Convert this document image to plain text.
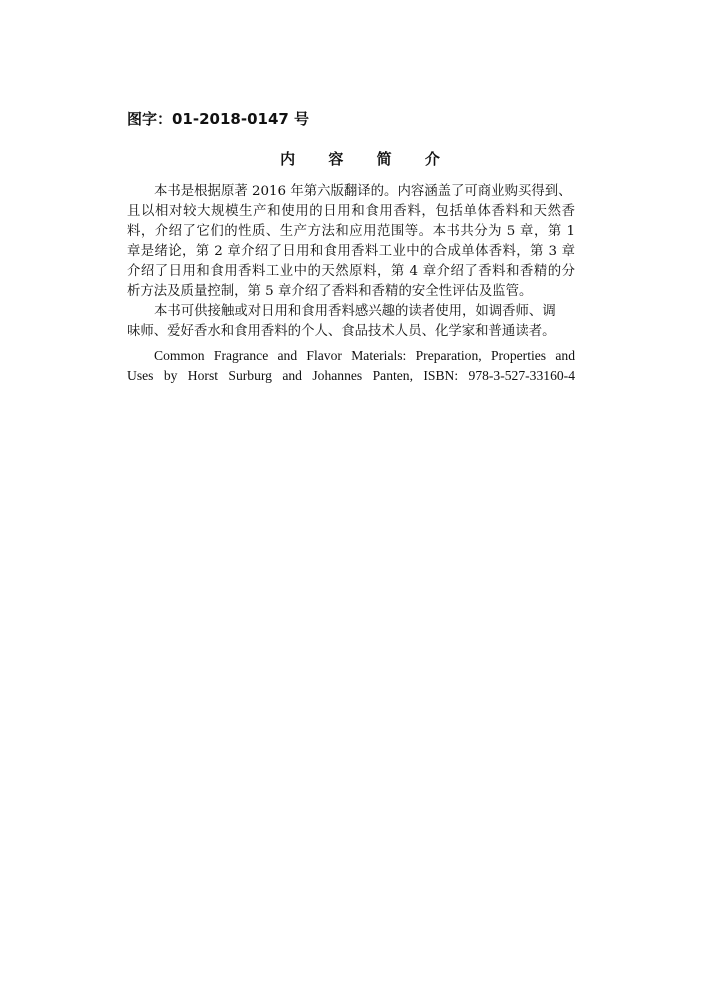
图字：01-2018-0147 号
内 容 简 介
本书是根据原著 2016 年第六版翻译的。内容涵盖了可商业购买得到、
且以相对较大规模生产和使用的日用和食用香料，包括单体香料和天然香
料，介绍了它们的性质、生产方法和应用范围等。本书共分为 5 章，第 1
章是绪论，第 2 章介绍了日用和食用香料工业中的合成单体香料，第 3 章
介绍了日用和食用香料工业中的天然原料，第 4 章介绍了香料和香精的分
析方法及质量控制，第 5 章介绍了香料和香精的安全性评估及监管。
本书可供接触或对日用和食用香料感兴趣的读者使用，如调香师、调
味师、爱好香水和食用香料的个人、食品技术人员、化学家和普通读者。
Common Fragrance and Flavor Materials: Preparation, Properties and
Uses by Horst Surburg and Johannes Panten, ISBN: 978-3-527-33160-4
